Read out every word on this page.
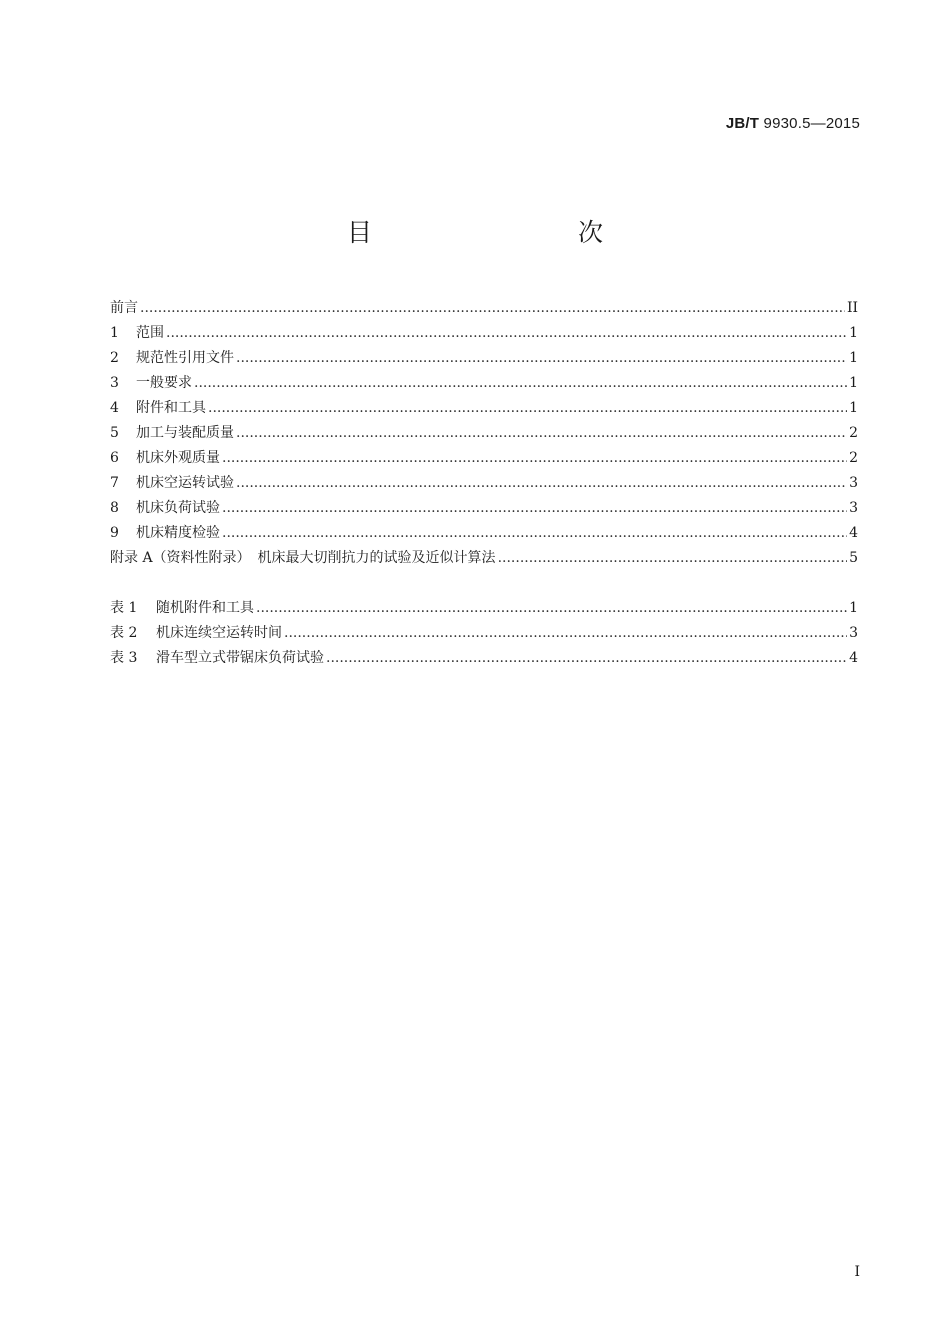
JB/T 9930.5—2015
目　　次
前言 .....	II
1 范围 .....	1
2 规范性引用文件 .....	1
3 一般要求 .....	1
4 附件和工具 .....	1
5 加工与装配质量 .....	2
6 机床外观质量 .....	2
7 机床空运转试验 .....	3
8 机床负荷试验 .....	3
9 机床精度检验 .....	4
附录 A（资料性附录）　机床最大切削抗力的试验及近似计算法 .....	5
表 1 随机附件和工具 .....	1
表 2 机床连续空运转时间 .....	3
表 3 滑车型立式带锯床负荷试验 .....	4
I
